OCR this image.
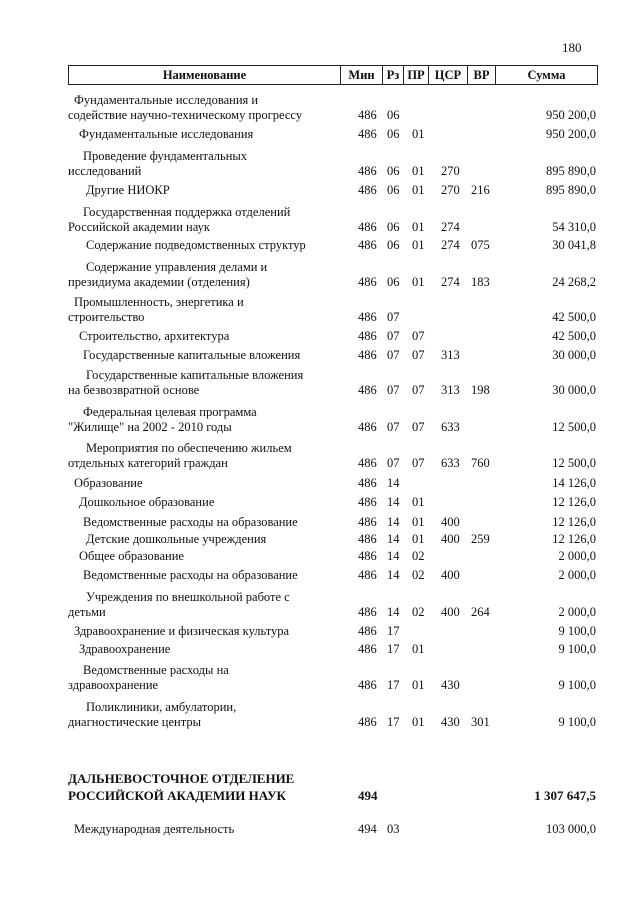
180
Наименование	Мин Рз ПР ЦСР ВР	Сумма
Фундаментальные исследования и
содействие научно-техническому прогрессу	486 06	950 200,0
Фундаментальные исследования	486 06 01	950 200,0
Проведение фундаментальных
исследований	486 06 01 270	895 890,0
Другие НИОКР	486 06 01 270 216	895 890,0
Государственная поддержка отделений
Российской академии наук	486 06 01 274	54 310,0
Содержание подведомственных структур	486 06 01 274 075	30 041,8
Содержание управления делами и
президиума академии (отделения)	486 06 01 274 183	24 268,2
Промышленность, энергетика и
строительство	486 07	42 500,0
Строительство, архитектура	486 07 07	42 500,0
Государственные капитальные вложения	486 07 07 313	30 000,0
Государственные капитальные вложения
на безвозвратной основе	486 07 07 313 198	30 000,0
Федеральная целевая программа
"Жилище" на 2002 - 2010 годы	486 07 07 633	12 500,0
Мероприятия по обеспечению жильем
отдельных категорий граждан	486 07 07 633 760	12 500,0
Образование	486 14	14 126,0
Дошкольное образование	486 14 01	12 126,0
Ведомственные расходы на образование	486 14 01 400	12 126,0
Детские дошкольные учреждения	486 14 01 400 259	12 126,0
Общее образование	486 14 02	2 000,0
Ведомственные расходы на образование	486 14 02 400	2 000,0
Учреждения по внешкольной работе с
детьми	486 14 02 400 264	2 000,0
Здравоохранение и физическая культура	486 17	9 100,0
Здравоохранение	486 17 01	9 100,0
Ведомственные расходы на
здравоохранение	486 17 01 430	9 100,0
Поликлиники, амбулатории,
диагностические центры	486 17 01 430 301	9 100,0
ДАЛЬНЕВОСТОЧНОЕ ОТДЕЛЕНИЕ
РОССИЙСКОЙ АКАДЕМИИ НАУК	494	1 307 647,5
Международная деятельность	494 03	103 000,0
